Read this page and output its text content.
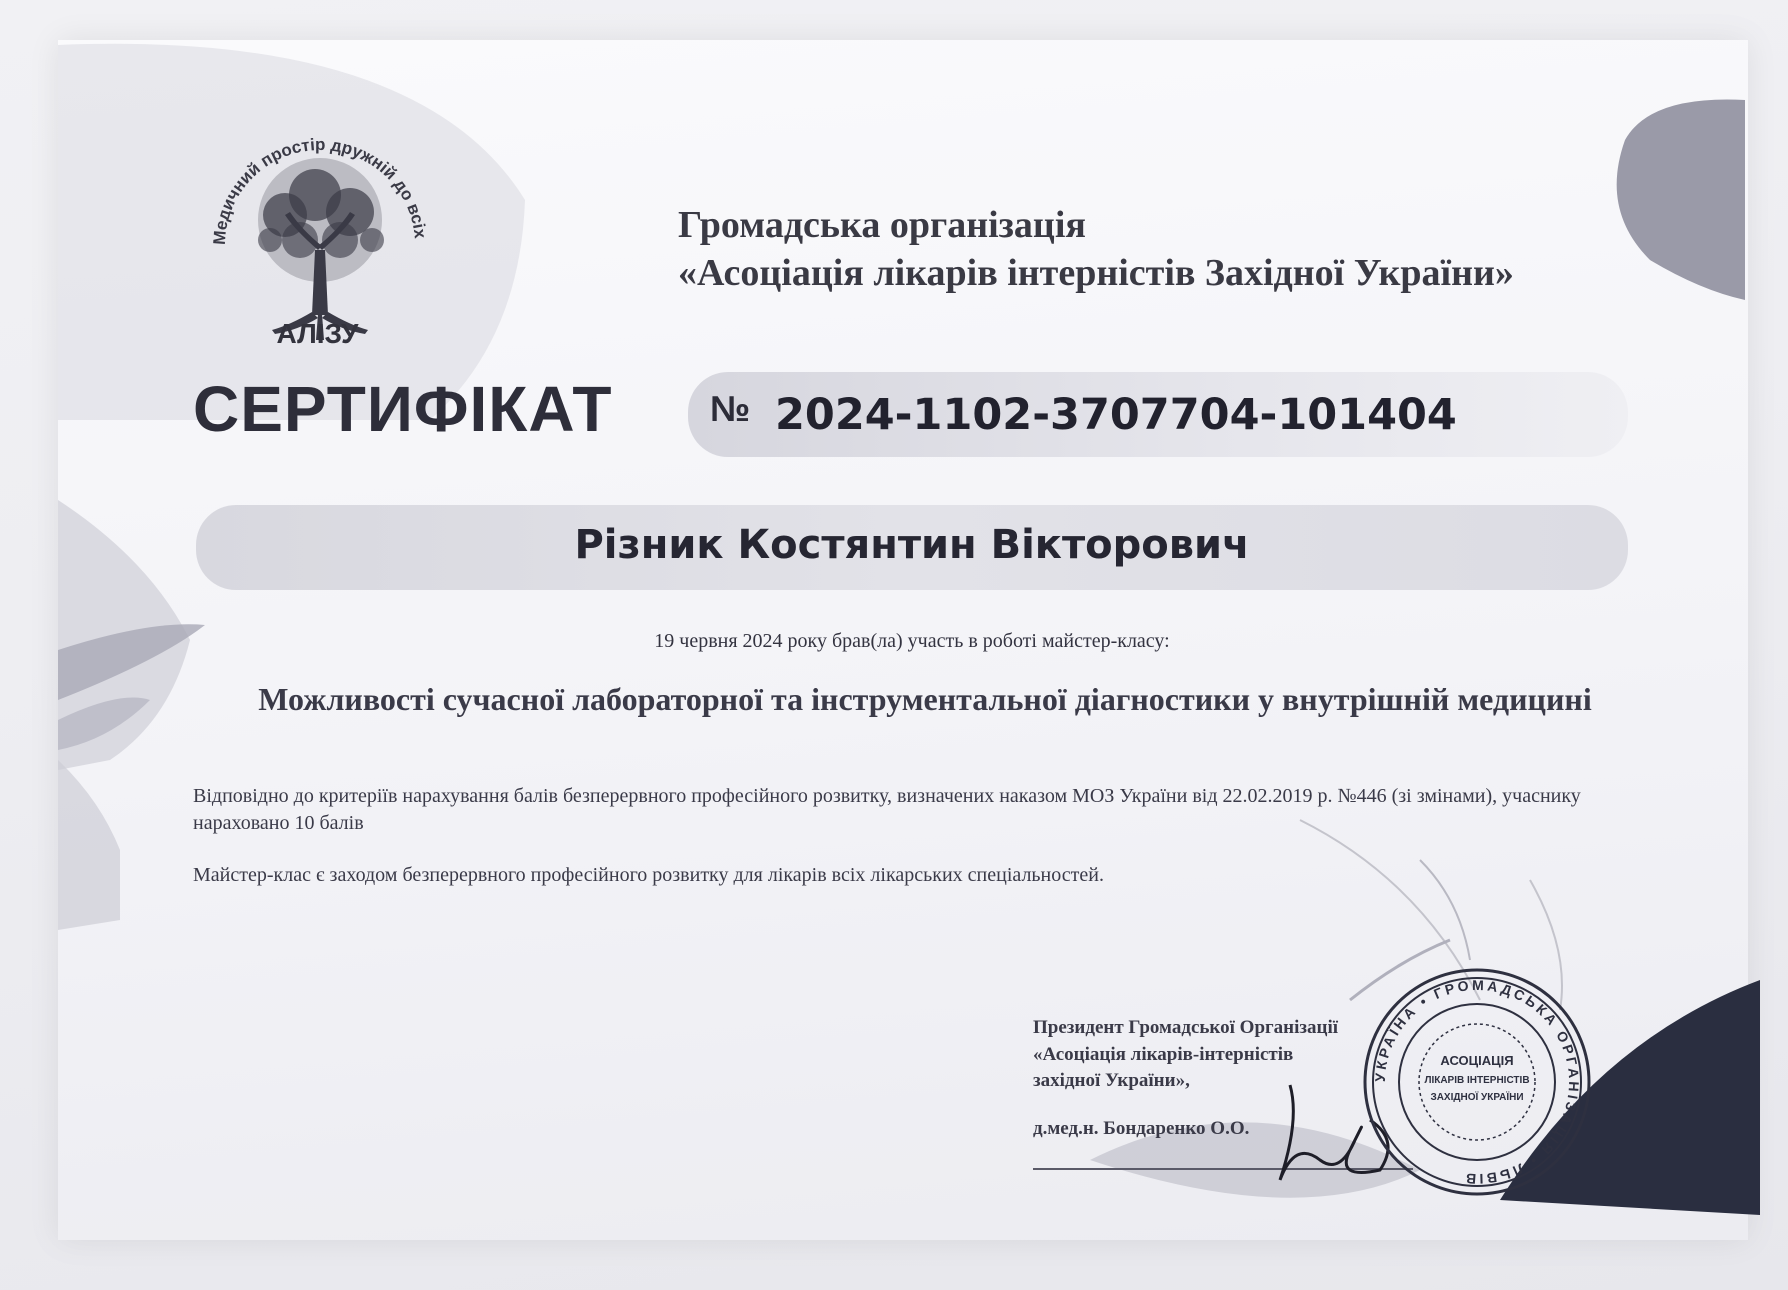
Медичний простір дружній до всіх
АЛІЗУ
Громадська організація
«Асоціація лікарів інтерністів Західної України»
СЕРТИФІКАТ	№ 2024-1102-3707704-101404
Різник Костянтин Вікторович
19 червня 2024 року брав(ла) участь в роботі майстер-класу:
Можливості сучасної лабораторної та інструментальної діагностики у внутрішній медицині
Відповідно до критеріїв нарахування балів безперервного професійного розвитку, визначених наказом МОЗ України від 22.02.2019 р. №446 (зі змінами), учаснику нараховано 10 балів
Майстер-клас є заходом безперервного професійного розвитку для лікарів всіх лікарських спеціальностей.
Президент Громадської Організації
«Асоціація лікарів-інтерністів
західної України»,
д.мед.н. Бондаренко О.О.
УКРАЇНА • ГРОМАДСЬКА ОРГАНІЗАЦІЯ • ЛЬВІВ
АСОЦІАЦІЯ
ЛІКАРІВ ІНТЕРНІСТІВ
ЗАХІДНОЇ УКРАЇНИ
